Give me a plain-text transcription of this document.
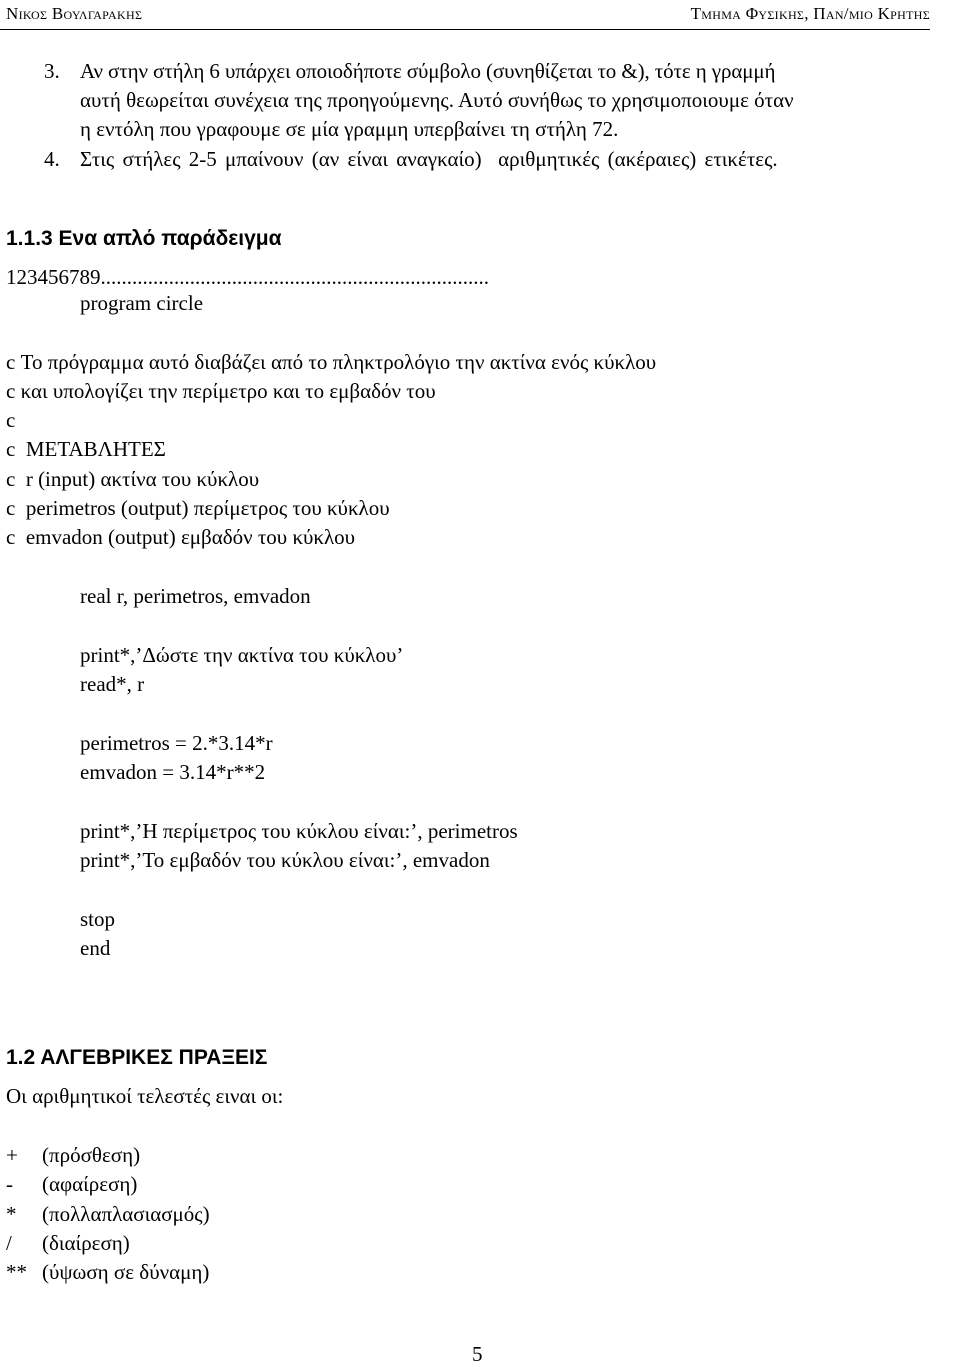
Νικος Βουλγαρακης	Τμημα Φυσικης, Παν/μιο Κρητης
3. Αν στην στήλη 6 υπάρχει οποιοδήποτε σύμβολο (συνηθίζεται το &), τότε η γραμμή
αυτή θεωρείται συνέχεια της προηγούμενης. Αυτό συνήθως το χρησιμοποιουμε όταν
η εντόλη που γραφουμε σε μία γραμμη υπερβαίνει τη στήλη 72.
4. Στις στήλες 2-5 μπαίνουν (αν είναι αναγκαίο)  αριθμητικές (ακέραιες) ετικέτες.
1.1.3 Ενα απλό παράδειγμα
123456789..........................................................................
program circle
c Το πρόγραμμα αυτό διαβάζει από το πληκτρολόγιο την ακτίνα ενός κύκλου
c και υπολογίζει την περίμετρο και το εμβαδόν του
c
c  ΜΕΤΑΒΛΗΤΕΣ
c  r (input) ακτίνα του κύκλου
c  perimetros (output) περίμετρος του κύκλου
c  emvadon (output) εμβαδόν του κύκλου
real r, perimetros, emvadon
print*,’Δώστε την ακτίνα του κύκλου’
read*, r
perimetros = 2.*3.14*r
emvadon = 3.14*r**2
print*,’Η περίμετρος του κύκλου είναι:’, perimetros
print*,’Το εμβαδόν του κύκλου είναι:’, emvadon
stop
end
1.2 ΑΛΓΕΒΡΙΚΕΣ ΠΡΑΞΕΙΣ
Οι αριθμητικοί τελεστές ειναι οι:
+ (πρόσθεση)
- (αφαίρεση)
* (πολλαπλασιασμός)
/ (διαίρεση)
** (ύψωση σε δύναμη)
5
